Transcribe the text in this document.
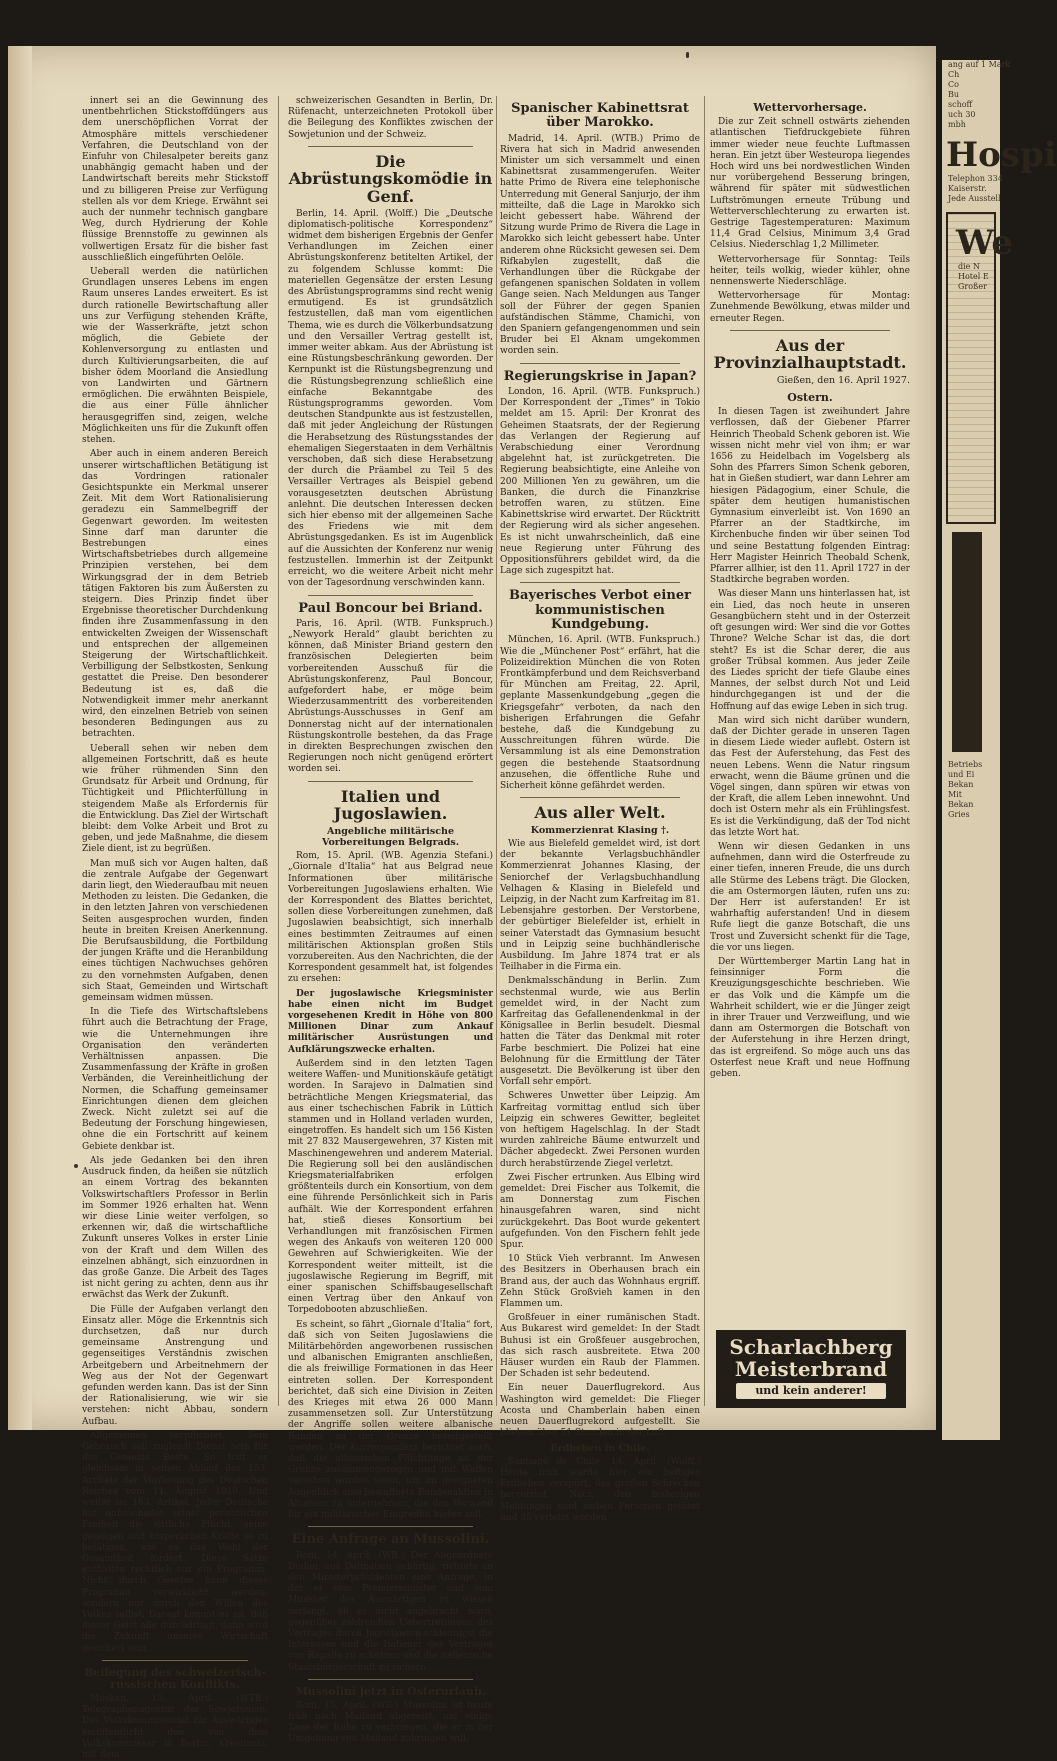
innert sei an die Gewinnung des unentbehrlichen Stickstoffdüngers aus dem unerschöpflichen Vorrat der Atmosphäre mittels verschiedener Verfahren, die Deutschland von der Einfuhr von Chilesalpeter bereits ganz unabhängig gemacht haben und der Landwirtschaft bereits mehr Stickstoff und zu billigeren Preise zur Verfügung stellen als vor dem Kriege. Erwähnt sei auch der nunmehr technisch gangbare Weg, durch Hydrierung der Kohle flüssige Brennstoffe zu gewinnen als vollwertigen Ersatz für die bisher fast ausschließlich eingeführten Oelöle.

Ueberall werden die natürlichen Grundlagen unseres Lebens im engen Raum unseres Landes erweitert. Es ist durch rationelle Bewirtschaftung aller uns zur Verfügung stehenden Kräfte, wie der Wasserkräfte, jetzt schon möglich, die Gebiete der Kohlenversorgung zu entlasten und durch Kultivierungsarbeiten, die auf bisher ödem Moorland die Ansiedlung von Landwirten und Gärtnern ermöglichen. Die erwähnten Beispiele, die aus einer Fülle ähnlicher herausgegriffen sind, zeigen, welche Möglichkeiten uns für die Zukunft offen stehen.

Aber auch in einem anderen Bereich unserer wirtschaftlichen Betätigung ist das Vordringen rationaler Gesichtspunkte ein Merkmal unserer Zeit. Mit dem Wort Rationalisierung geradezu ein Sammelbegriff der Gegenwart geworden. Im weitesten Sinne darf man darunter die Bestrebungen eines Wirtschaftsbetriebes durch allgemeine Prinzipien verstehen, bei dem Wirkungsgrad der in dem Betrieb tätigen Faktoren bis zum Äußersten zu steigern. Dies Prinzip findet über Ergebnisse theoretischer Durchdenkung finden ihre Zusammenfassung in den entwickelten Zweigen der Wissenschaft und entsprechen der allgemeinen Steigerung der Wirtschaftlichkeit. Verbilligung der Selbstkosten, Senkung gestattet die Preise. Den besonderer Bedeutung ist es, daß die Notwendigkeit immer mehr anerkannt wird, den einzelnen Betrieb von seinen besonderen Bedingungen aus zu betrachten.

Ueberall sehen wir neben dem allgemeinen Fortschritt, daß es heute wie früher rühmenden Sinn den Grundsatz für Arbeit und Ordnung, für Tüchtigkeit und Pflichterfüllung in steigendem Maße als Erfordernis für die Entwicklung. Das Ziel der Wirtschaft bleibt: dem Volke Arbeit und Brot zu geben, und jede Maßnahme, die diesem Ziele dient, ist zu begrüßen.

Man muß sich vor Augen halten, daß die zentrale Aufgabe der Gegenwart darin liegt, den Wiederaufbau mit neuen Methoden zu leisten. Die Gedanken, die in den letzten Jahren von verschiedenen Seiten ausgesprochen wurden, finden heute in breiten Kreisen Anerkennung. Die Berufsausbildung, die Fortbildung der jungen Kräfte und die Heranbildung eines tüchtigen Nachwuchses gehören zu den vornehmsten Aufgaben, denen sich Staat, Gemeinden und Wirtschaft gemeinsam widmen müssen.

In die Tiefe des Wirtschaftslebens führt auch die Betrachtung der Frage, wie die Unternehmungen ihre Organisation den veränderten Verhältnissen anpassen. Die Zusammenfassung der Kräfte in großen Verbänden, die Vereinheitlichung der Normen, die Schaffung gemeinsamer Einrichtungen dienen dem gleichen Zweck. Nicht zuletzt sei auf die Bedeutung der Forschung hingewiesen, ohne die ein Fortschritt auf keinem Gebiete denkbar ist.

Als jede Gedanken bei den ihren Ausdruck finden, da heißen sie nützlich an einem Vortrag des bekannten Volkswirtschaftlers Professor in Berlin im Sommer 1926 erhalten hat. Wenn wir diese Linie weiter verfolgen, so erkennen wir, daß die wirtschaftliche Zukunft unseres Volkes in erster Linie von der Kraft und dem Willen des einzelnen abhängt, sich einzuordnen in das große Ganze. Die Arbeit des Tages ist nicht gering zu achten, denn aus ihr erwächst das Werk der Zukunft.

Die Fülle der Aufgaben verlangt den Einsatz aller. Möge die Erkenntnis sich durchsetzen, daß nur durch gemeinsame Anstrengung und gegenseitiges Verständnis zwischen Arbeitgebern und Arbeitnehmern der Weg aus der Not der Gegenwart gefunden werden kann. Das ist der Sinn der Rationalisierung, wie wir sie verstehen: nicht Abbau, sondern Aufbau.

Allgemeinen verpflichtet. Sein Gebrauch soll zugleich Dienst sein für das Gemeine Beste. So tritt er gleichsam in seinen Ablauf des 153. Artikels der Verfassung des Deutschen Reiches vom 11. August 1919. Und weiter im 163. Artikel: Jeder Deutsche hat unbeschadet seiner persönlichen Freiheit die sittliche Pflicht, seine geistigen und körperlichen Kräfte so zu betätigen, wie es das Wohl der Gesamtheit fordert. Diese Sätze enthalten rechtlich nur ein Programm. Nicht durch Gesetze kann dieses Programm verwirklicht werden, sondern nur durch den Willen des Volkes selbst. Darauf kommt es an, daß dieser Geist alle durchdringt, dann wird die Zukunft unserer Wirtschaft gesichert sein.

Beilegung des schweizerisch-russischen Konflikts.

Moskau, 15. April. (WTB.) Telegraphenagentur der Sowjetunion. Das Volkskommissariat für Auswärtiges veröffentlicht den von dem Volkskommissar in Berlin, Krestinski, mit dem

schweizerischen Gesandten in Berlin, Dr. Rüfenacht, unterzeichneten Protokoll über die Beilegung des Konfliktes zwischen der Sowjetunion und der Schweiz.

Die Abrüstungskomödie in Genf.

Berlin, 14. April. (Wolff.) Die „Deutsche diplomatisch-politische Korrespondenz“ widmet dem bisherigen Ergebnis der Genfer Verhandlungen im Zeichen einer Abrüstungskonferenz betitelten Artikel, der zu folgendem Schlusse kommt: Die materiellen Gegensätze der ersten Lesung des Abrüstungsprogramms sind recht wenig ermutigend. Es ist grundsätzlich festzustellen, daß man vom eigentlichen Thema, wie es durch die Völkerbundsatzung und den Versailler Vertrag gestellt ist, immer weiter abkam. Aus der Abrüstung ist eine Rüstungsbeschränkung geworden. Der Kernpunkt ist die Rüstungsbegrenzung und die Rüstungsbegrenzung schließlich eine einfache Bekanntgabe des Rüstungsprogramms geworden. Vom deutschen Standpunkte aus ist festzustellen, daß mit jeder Angleichung der Rüstungen die Herabsetzung des Rüstungsstandes der ehemaligen Siegerstaaten in dem Verhältnis verschoben, daß sich diese Herabsetzung der durch die Präambel zu Teil 5 des Versailler Vertrages als Beispiel gebend vorausgesetzten deutschen Abrüstung anlehnt. Die deutschen Interessen decken sich hier ebenso mit der allgemeinen Sache des Friedens wie mit dem Abrüstungsgedanken. Es ist im Augenblick auf die Aussichten der Konferenz nur wenig festzustellen. Immerhin ist der Zeitpunkt erreicht, wo die weitere Arbeit nicht mehr von der Tagesordnung verschwinden kann.

Paul Boncour bei Briand.

Paris, 16. April. (WTB. Funkspruch.) „Newyork Herald“ glaubt berichten zu können, daß Minister Briand gestern den französischen Delegierten beim vorbereitenden Ausschuß für die Abrüstungskonferenz, Paul Boncour, aufgefordert habe, er möge beim Wiederzusammentritt des vorbereitenden Abrüstungs-Ausschusses in Genf am Donnerstag nicht auf der internationalen Rüstungskontrolle bestehen, da das Frage in direkten Besprechungen zwischen den Regierungen noch nicht genügend erörtert worden sei.

Italien und Jugoslawien.
Angebliche militärische Vorbereitungen Belgrads.

Rom, 15. April. (WB. Agenzia Stefani.) „Giornale d'Italia“ hat aus Belgrad neue Informationen über militärische Vorbereitungen Jugoslawiens erhalten. Wie der Korrespondent des Blattes berichtet, sollen diese Vorbereitungen zunehmen, daß Jugoslawien beabsichtigt, sich innerhalb eines bestimmten Zeitraumes auf einen militärischen Aktionsplan großen Stils vorzubereiten. Aus den Nachrichten, die der Korrespondent gesammelt hat, ist folgendes zu ersehen:

Der jugoslawische Kriegsminister habe einen nicht im Budget vorgesehenen Kredit in Höhe von 800 Millionen Dinar zum Ankauf militärischer Ausrüstungen und Aufklärungszwecke erhalten.

Außerdem sind in den letzten Tagen weitere Waffen- und Munitionskäufe getätigt worden. In Sarajevo in Dalmatien sind beträchtliche Mengen Kriegsmaterial, das aus einer tschechischen Fabrik in Lüttich stammen und in Holland verladen wurden, eingetroffen. Es handelt sich um 156 Kisten mit 27 832 Mausergewehren, 37 Kisten mit Maschinengewehren und anderem Material. Die Regierung soll bei den ausländischen Kriegsmaterialfabriken erfolgen größtenteils durch ein Konsortium, von dem eine führende Persönlichkeit sich in Paris aufhält. Wie der Korrespondent erfahren hat, stieß dieses Konsortium bei Verhandlungen mit französischen Firmen wegen des Ankaufs von weiteren 120 000 Gewehren auf Schwierigkeiten. Wie der Korrespondent weiter mitteilt, ist die jugoslawische Regierung im Begriff, mit einer spanischen Schiffsbaugesellschaft einen Vertrag über den Ankauf von Torpedobooten abzuschließen.

Es scheint, so fährt „Giornale d'Italia“ fort, daß sich von Seiten Jugoslawiens die Militärbehörden angeworbenen russischen und albanischen Emigranten anschließen, die als freiwillige Formationen in das Heer eintreten sollen. Der Korrespondent berichtet, daß sich eine Division in Zeiten des Krieges mit etwa 26 000 Mann zusammensetzen soll. Zur Unterstützung der Angriffe sollen weitere albanische Banden an der Grenze bereitgestellt werden. Der Korrespondent berichtet auch, daß die albanischen Flüchtlinge an der Grenze zusammengezogen und mit Waffen versehen worden seien, um im geeigneten Augenblick eine bewaffnete Bandenaktion in Albanien zu unternehmen, die den Vorwand für ein militärisches Eingreifen bieten soll.

Eine Anfrage an Mussolini.

Rom, 14. April. (WB.) Der Abgeordnete Dudan, aus Dalmatien gebürtig, richtete an den Ministerpräsidenten eine Anfrage, in der er vom Premierminister und vom Minister des Auswärtigen zu wissen verlangt, ob es nicht angebracht wäre, gegenüber zahlreichen Uebertretungen des Vertrages durch Jugoslawien schleunigst die Interessen und die Italiener des Vertrages von Rapallo zu schützen und die italienische Staatsbürgerschaft zu sichern.

Mussolini jetzt in Osterurlaub.

Rom, 15. April. (WB.) Mussolini ist heute früh nach Mailand abgereist, um einige Tage der Ruhe zu verbringen, die er in der Umgebung von Mailand zubringen will.

Spanischer Kabinettsrat über Marokko.

Madrid, 14. April. (WTB.) Primo de Rivera hat sich in Madrid anwesenden Minister um sich versammelt und einen Kabinettsrat zusammengerufen. Weiter hatte Primo de Rivera eine telephonische Unterredung mit General Sanjurjo, der ihm mitteilte, daß die Lage in Marokko sich leicht gebessert habe. Während der Sitzung wurde Primo de Rivera die Lage in Marokko sich leicht gebessert habe. Unter anderem ohne Rücksicht gewesen sei. Dem Rifkabylen zugestellt, daß die Verhandlungen über die Rückgabe der gefangenen spanischen Soldaten in vollem Gange seien. Nach Meldungen aus Tanger soll der Führer der gegen Spanien aufständischen Stämme, Chamichi, von den Spaniern gefangengenommen und sein Bruder bei El Aknam umgekommen worden sein.

Regierungskrise in Japan?

London, 16. April. (WTB. Funkspruch.) Der Korrespondent der „Times“ in Tokio meldet am 15. April: Der Kronrat des Geheimen Staatsrats, der der Regierung das Verlangen der Regierung auf Verabschiedung einer Verordnung abgelehnt hat, ist zurückgetreten. Die Regierung beabsichtigte, eine Anleihe von 200 Millionen Yen zu gewähren, um die Banken, die durch die Finanzkrise betroffen waren, zu stützen. Eine Kabinettskrise wird erwartet. Der Rücktritt der Regierung wird als sicher angesehen. Es ist nicht unwahrscheinlich, daß eine neue Regierung unter Führung des Oppositionsführers gebildet wird, da die Lage sich zugespitzt hat.

Bayerisches Verbot einer kommunistischen Kundgebung.

München, 16. April. (WTB. Funkspruch.) Wie die „Münchener Post“ erfährt, hat die Polizeidirektion München die von Roten Frontkämpferbund und dem Reichsverband für München am Freitag, 22. April, geplante Massenkundgebung „gegen die Kriegsgefahr“ verboten, da nach den bisherigen Erfahrungen die Gefahr bestehe, daß die Kundgebung zu Ausschreitungen führen würde. Die Versammlung ist als eine Demonstration gegen die bestehende Staatsordnung anzusehen, die öffentliche Ruhe und Sicherheit könne gefährdet werden.

Aus aller Welt.
Kommerzienrat Klasing †.

Wie aus Bielefeld gemeldet wird, ist dort der bekannte Verlagsbuchhändler Kommerzienrat Johannes Klasing, der Seniorchef der Verlagsbuchhandlung Velhagen & Klasing in Bielefeld und Leipzig, in der Nacht zum Karfreitag im 81. Lebensjahre gestorben. Der Verstorbene, der gebürtiger Bielefelder ist, erhielt in seiner Vaterstadt das Gymnasium besucht und in Leipzig seine buchhändlerische Ausbildung. Im Jahre 1874 trat er als Teilhaber in die Firma ein.

Denkmalsschändung in Berlin. Zum sechstenmal wurde, wie aus Berlin gemeldet wird, in der Nacht zum Karfreitag das Gefallenendenkmal in der Königsallee in Berlin besudelt. Diesmal hatten die Täter das Denkmal mit roter Farbe beschmiert. Die Polizei hat eine Belohnung für die Ermittlung der Täter ausgesetzt. Die Bevölkerung ist über den Vorfall sehr empört.

Schweres Unwetter über Leipzig. Am Karfreitag vormittag entlud sich über Leipzig ein schweres Gewitter, begleitet von heftigem Hagelschlag. In der Stadt wurden zahlreiche Bäume entwurzelt und Dächer abgedeckt. Zwei Personen wurden durch herabstürzende Ziegel verletzt.

Zwei Fischer ertrunken. Aus Elbing wird gemeldet: Drei Fischer aus Tolkemit, die am Donnerstag zum Fischen hinausgefahren waren, sind nicht zurückgekehrt. Das Boot wurde gekentert aufgefunden. Von den Fischern fehlt jede Spur.

10 Stück Vieh verbrannt. Im Anwesen des Besitzers in Oberhausen brach ein Brand aus, der auch das Wohnhaus ergriff. Zehn Stück Großvieh kamen in den Flammen um.

Großfeuer in einer rumänischen Stadt. Aus Bukarest wird gemeldet: In der Stadt Buhusi ist ein Großfeuer ausgebrochen, das sich rasch ausbreitete. Etwa 200 Häuser wurden ein Raub der Flammen. Der Schaden ist sehr bedeutend.

Ein neuer Dauerflugrekord. Aus Washington wird gemeldet: Die Flieger Acosta und Chamberlain haben einen neuen Dauerflugrekord aufgestellt. Sie blieben über 51 Stunden in der Luft.

Erdbeben in Chile.

Santiago de Chile, 14. April. (Wolff.) Heute früh wurde hier ein heftiges Erdbeben verspürt, das großen Schrecken hervorrief. Nach den bisherigen Meldungen sind sieben Personen getötet und 35 verletzt worden.

Wettervorhersage.

Die zur Zeit schnell ostwärts ziehenden atlantischen Tiefdruckgebiete führen immer wieder neue feuchte Luftmassen heran. Ein jetzt über Westeuropa liegendes Hoch wird uns bei nordwestlichen Winden nur vorübergehend Besserung bringen, während für später mit südwestlichen Luftströmungen erneute Trübung und Wetterverschlechterung zu erwarten ist. Gestrige Tagestemperaturen: Maximum 11,4 Grad Celsius, Minimum 3,4 Grad Celsius. Niederschlag 1,2 Millimeter.

Wettervorhersage für Sonntag: Teils heiter, teils wolkig, wieder kühler, ohne nennenswerte Niederschläge.

Wettervorhersage für Montag: Zunehmende Bewölkung, etwas milder und erneuter Regen.

Aus der Provinzialhauptstadt.
Gießen, den 16. April 1927.
Ostern.

In diesen Tagen ist zweihundert Jahre verflossen, daß der Giebener Pfarrer Heinrich Theobald Schenk geboren ist. Wie wissen nicht mehr viel von ihm; er war 1656 zu Heidelbach im Vogelsberg als Sohn des Pfarrers Simon Schenk geboren, hat in Gießen studiert, war dann Lehrer am hiesigen Pädagogium, einer Schule, die später dem heutigen humanistischen Gymnasium einverleibt ist. Von 1690 an Pfarrer an der Stadtkirche, im Kirchenbuche finden wir über seinen Tod und seine Bestattung folgenden Eintrag: Herr Magister Heinrich Theobald Schenk, Pfarrer allhier, ist den 11. April 1727 in der Stadtkirche begraben worden.

Was dieser Mann uns hinterlassen hat, ist ein Lied, das noch heute in unseren Gesangbüchern steht und in der Osterzeit oft gesungen wird: Wer sind die vor Gottes Throne? Welche Schar ist das, die dort steht? Es ist die Schar derer, die aus großer Trübsal kommen. Aus jeder Zeile des Liedes spricht der tiefe Glaube eines Mannes, der selbst durch Not und Leid hindurchgegangen ist und der die Hoffnung auf das ewige Leben in sich trug.

Man wird sich nicht darüber wundern, daß der Dichter gerade in unseren Tagen in diesem Liede wieder auflebt. Ostern ist das Fest der Auferstehung, das Fest des neuen Lebens. Wenn die Natur ringsum erwacht, wenn die Bäume grünen und die Vögel singen, dann spüren wir etwas von der Kraft, die allem Leben innewohnt. Und doch ist Ostern mehr als ein Frühlingsfest. Es ist die Verkündigung, daß der Tod nicht das letzte Wort hat.

Wenn wir diesen Gedanken in uns aufnehmen, dann wird die Osterfreude zu einer tiefen, inneren Freude, die uns durch alle Stürme des Lebens trägt. Die Glocken, die am Ostermorgen läuten, rufen uns zu: Der Herr ist auferstanden! Er ist wahrhaftig auferstanden! Und in diesem Rufe liegt die ganze Botschaft, die uns Trost und Zuversicht schenkt für die Tage, die vor uns liegen.

Der Württemberger Martin Lang hat in feinsinniger Form die Kreuzigungsgeschichte beschrieben. Wie er das Volk und die Kämpfe um die Wahrheit schildert, wie er die Jünger zeigt in ihrer Trauer und Verzweiflung, und wie dann am Ostermorgen die Botschaft von der Auferstehung in ihre Herzen dringt, das ist ergreifend. So möge auch uns das Osterfest neue Kraft und neue Hoffnung geben.

Scharlachberg
Meisterbrand
und kein anderer!
ang auf 1 Mark
Ch
Co
Bu
schoff
uch 30
mbh
Hospi
Telephon 334
Kaiserstr.
Jede Ausstell
We
die N
Hotel E
Großer
Betriebs
und Ei
Bekan
Mit
Bekan
Gries
